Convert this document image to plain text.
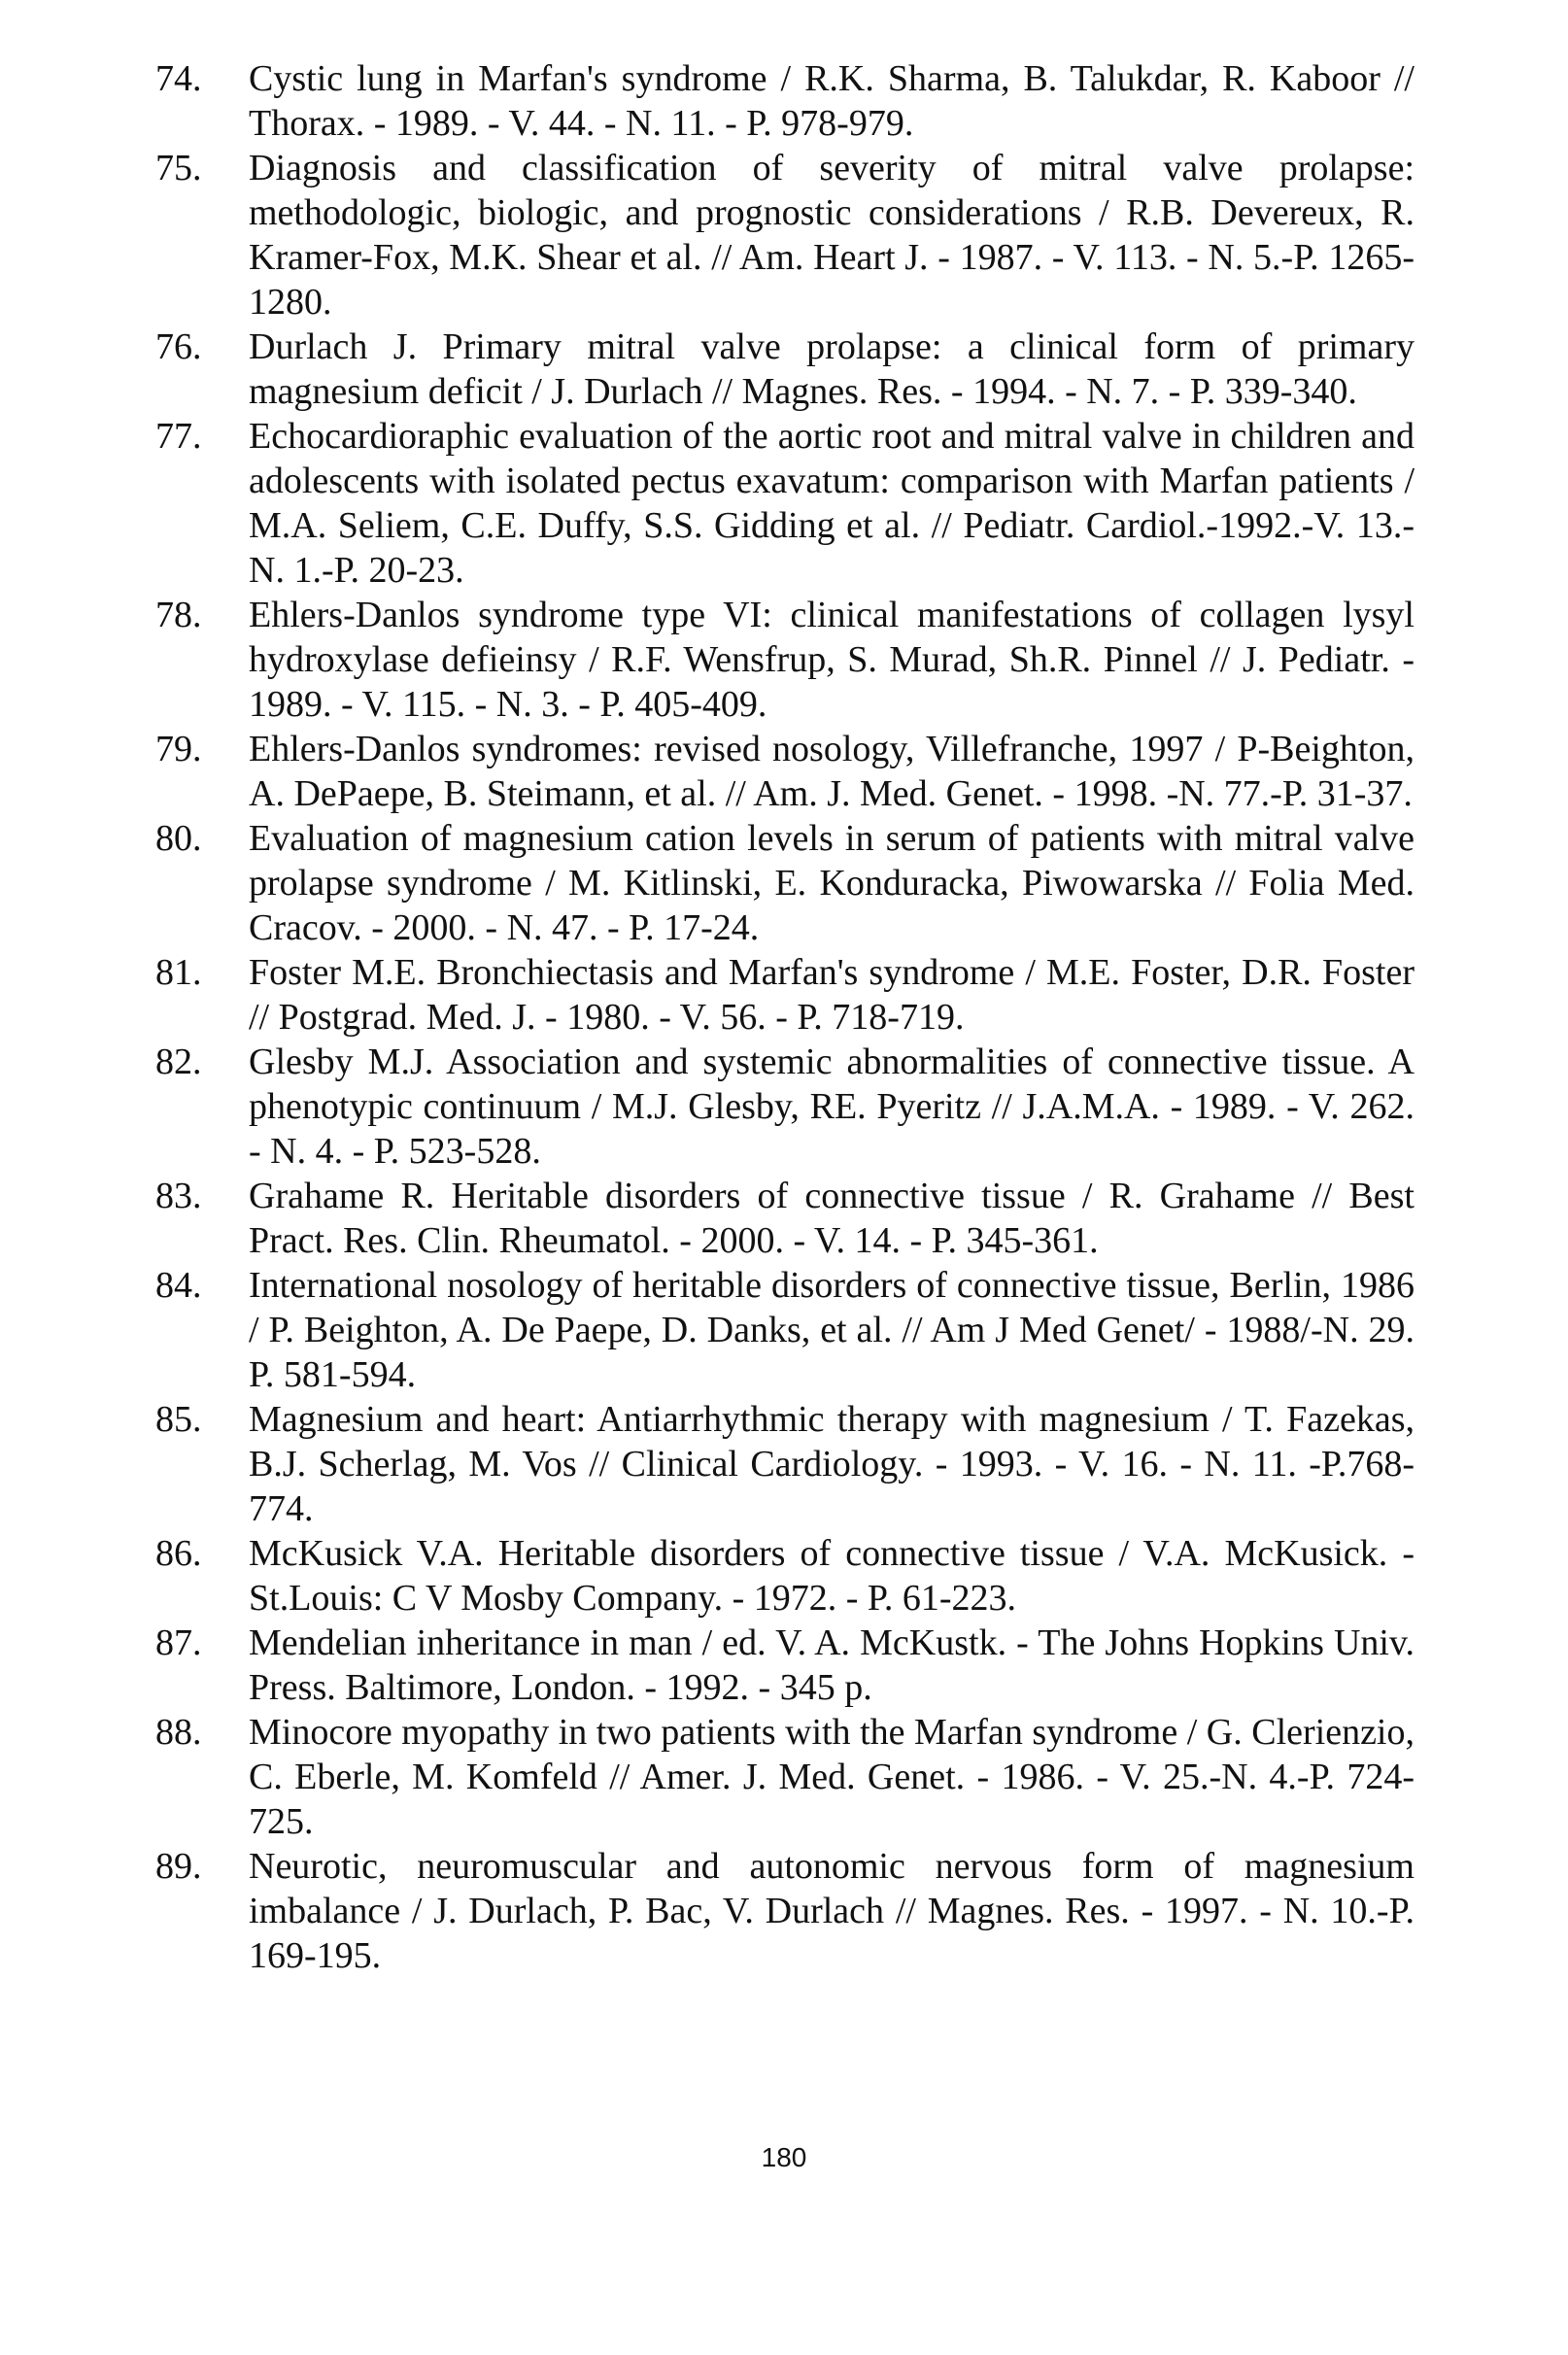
74. Cystic lung in Marfan's syndrome / R.K. Sharma, B. Talukdar, R. Kaboor // Thorax. - 1989. - V. 44. - N. 11. - P. 978-979.
75. Diagnosis and classification of severity of mitral valve prolapse: methodologic, biologic, and prognostic considerations / R.B. Devereux, R. Kramer-Fox, M.K. Shear et al. // Am. Heart J. - 1987. - V. 113. - N. 5.-P. 1265-1280.
76. Durlach J. Primary mitral valve prolapse: a clinical form of primary magnesium deficit / J. Durlach // Magnes. Res. - 1994. - N. 7. - P. 339-340.
77. Echocardioraphic evaluation of the aortic root and mitral valve in children and adolescents with isolated pectus exavatum: comparison with Marfan patients / M.A. Seliem, C.E. Duffy, S.S. Gidding et al. // Pediatr. Cardiol.-1992.-V. 13.-N. 1.-P. 20-23.
78. Ehlers-Danlos syndrome type VI: clinical manifestations of collagen lysyl hydroxylase defieinsy / R.F. Wensfrup, S. Murad, Sh.R. Pinnel // J. Pediatr. - 1989. - V. 115. - N. 3. - P. 405-409.
79. Ehlers-Danlos syndromes: revised nosology, Villefranche, 1997 / P-Beighton, A. DePaepe, B. Steimann, et al. // Am. J. Med. Genet. - 1998. -N. 77.-P. 31-37.
80. Evaluation of magnesium cation levels in serum of patients with mitral valve prolapse syndrome / M. Kitlinski, E. Konduracka, Piwowarska // Folia Med. Cracov. - 2000. - N. 47. - P. 17-24.
81. Foster M.E. Bronchiectasis and Marfan's syndrome / M.E. Foster, D.R. Foster // Postgrad. Med. J. - 1980. - V. 56. - P. 718-719.
82. Glesby M.J. Association and systemic abnormalities of connective tissue. A phenotypic continuum / M.J. Glesby, RE. Pyeritz // J.A.M.A. - 1989. - V. 262. - N. 4. - P. 523-528.
83. Grahame R. Heritable disorders of connective tissue / R. Grahame // Best Pract. Res. Clin. Rheumatol. - 2000. - V. 14. - P. 345-361.
84. International nosology of heritable disorders of connective tissue, Berlin, 1986 / P. Beighton, A. De Paepe, D. Danks, et al. // Am J Med Genet/ - 1988/-N. 29. P. 581-594.
85. Magnesium and heart: Antiarrhythmic therapy with magnesium / T. Fazekas, B.J. Scherlag, M. Vos // Clinical Cardiology. - 1993. - V. 16. - N. 11. -P.768-774.
86. McKusick V.A. Heritable disorders of connective tissue / V.A. McKusick. - St.Louis: C V Mosby Company. - 1972. - P. 61-223.
87. Mendelian inheritance in man / ed. V. A. McKustk. - The Johns Hopkins Univ. Press. Baltimore, London. - 1992. - 345 p.
88. Minocore myopathy in two patients with the Marfan syndrome / G. Clerienzio, C. Eberle, M. Komfeld // Amer. J. Med. Genet. - 1986. - V. 25.-N. 4.-P. 724-725.
89. Neurotic, neuromuscular and autonomic nervous form of magnesium imbalance / J. Durlach, P. Bac, V. Durlach // Magnes. Res. - 1997. - N. 10.-P. 169-195.
180
